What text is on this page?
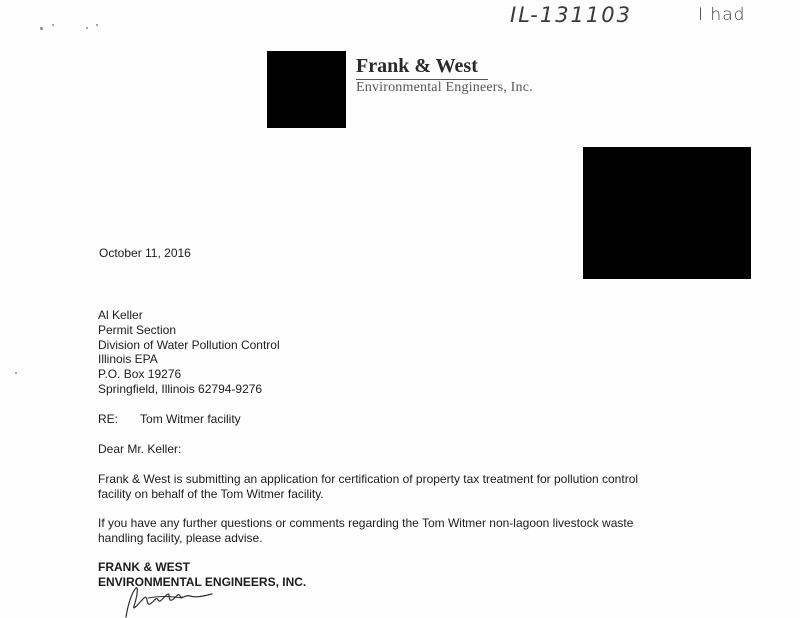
IL-131103	I had
Frank & West
Environmental Engineers, Inc.
October 11, 2016
Al Keller
Permit Section
Division of Water Pollution Control
Illinois EPA
P.O. Box 19276
Springfield, Illinois 62794-9276
RE: Tom Witmer facility
Dear Mr. Keller:
Frank & West is submitting an application for certification of property tax treatment for pollution control
facility on behalf of the Tom Witmer facility.
If you have any further questions or comments regarding the Tom Witmer non-lagoon livestock waste
handling facility, please advise.
FRANK & WEST
ENVIRONMENTAL ENGINEERS, INC.
